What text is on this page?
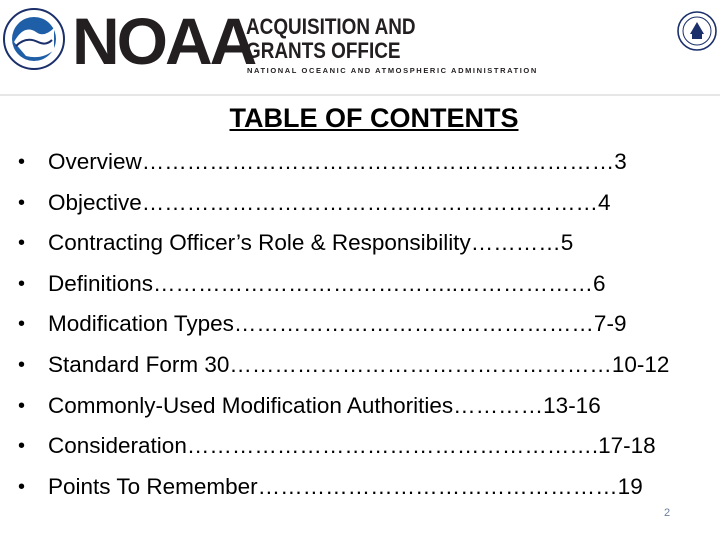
NOAA
ACQUISITION AND
GRANTS OFFICE
NATIONAL OCEANIC AND ATMOSPHERIC ADMINISTRATION
TABLE OF CONTENTS
• Overview………………………………………………………3
• Objective……………………………….……………………4
• Contracting Officer’s Role & Responsibility…………5
• Definitions…………………………………..………………6
• Modification Types…………………………………………7-9
• Standard Form 30……………………………………………10-12
• Commonly-Used Modification Authorities…………13-16
• Consideration……………………………………………….17-18
• Points To Remember…………………………………………19
2
